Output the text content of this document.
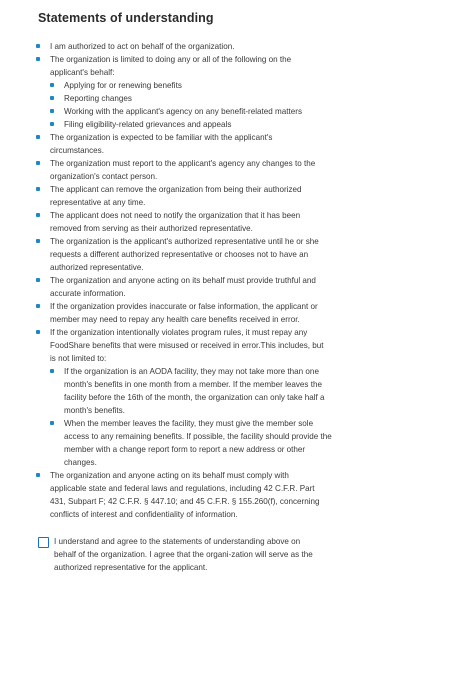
Statements of understanding
I am authorized to act on behalf of the organization.
The organization is limited to doing any or all of the following on the applicant's behalf:
Applying for or renewing benefits
Reporting changes
Working with the applicant's agency on any benefit-related matters
Filing eligibility-related grievances and appeals
The organization is expected to be familiar with the applicant's circumstances.
The organization must report to the applicant's agency any changes to the organization's contact person.
The applicant can remove the organization from being their authorized representative at any time.
The applicant does not need to notify the organization that it has been removed from serving as their authorized representative.
The organization is the applicant's authorized representative until he or she requests a different authorized representative or chooses not to have an authorized representative.
The organization and anyone acting on its behalf must provide truthful and accurate information.
If the organization provides inaccurate or false information, the applicant or member may need to repay any health care benefits received in error.
If the organization intentionally violates program rules, it must repay any FoodShare benefits that were misused or received in error.This includes, but is not limited to:
If the organization is an AODA facility, they may not take more than one month's benefits in one month from a member. If the member leaves the facility before the 16th of the month, the organization can only take half a month's benefits.
When the member leaves the facility, they must give the member sole access to any remaining benefits. If possible, the facility should provide the member with a change report form to report a new address or other changes.
The organization and anyone acting on its behalf must comply with applicable state and federal laws and regulations, including 42 C.F.R. Part 431, Subpart F; 42 C.F.R. § 447.10; and 45 C.F.R. § 155.260(f), concerning conflicts of interest and confidentiality of information.
I understand and agree to the statements of understanding above on behalf of the organization. I agree that the organi-zation will serve as the authorized representative for the applicant.
